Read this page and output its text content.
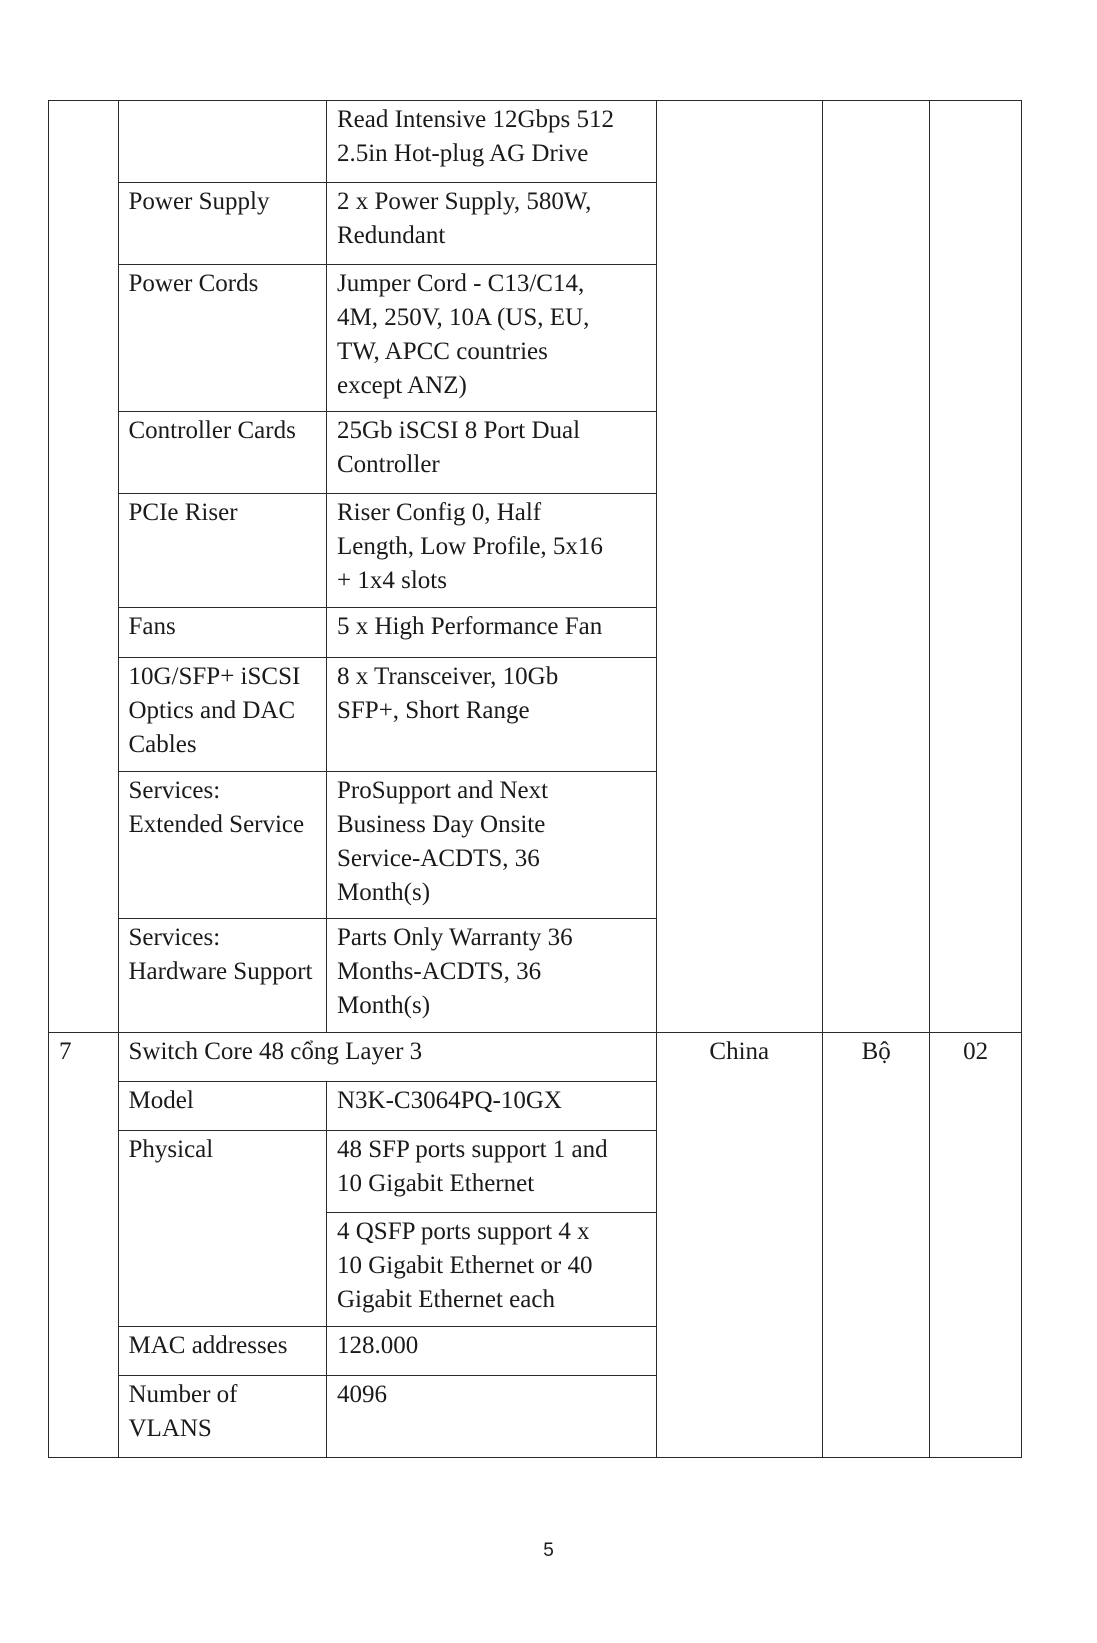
		Read Intensive 12Gbps 512
2.5in Hot-plug AG Drive			

	Power Supply	2 x Power Supply, 580W,
Redundant			

	Power Cords	Jumper Cord - C13/C14,
4M, 250V, 10A (US, EU,
TW, APCC countries
except ANZ)			

	Controller Cards	25Gb iSCSI 8 Port Dual
Controller			

	PCIe Riser	Riser Config 0, Half
Length, Low Profile, 5x16
+ 1x4 slots			

	Fans	5 x High Performance Fan			

	10G/SFP+ iSCSI Optics and DAC Cables	8 x Transceiver, 10Gb
SFP+, Short Range			

	Services: Extended Service	ProSupport and Next
Business Day Onsite
Service-ACDTS, 36
Month(s)			

	Services: Hardware Support	Parts Only Warranty 36
Months-ACDTS, 36
Month(s)			

7	Switch Core 48 cổng Layer 3		China	Bộ	02
	Model	N3K-C3064PQ-10GX			

	Physical	48 SFP ports support 1 and
10 Gigabit Ethernet			

		4 QSFP ports support 4 x
10 Gigabit Ethernet or 40
Gigabit Ethernet each			

	MAC addresses	128.000			

	Number of VLANS	4096			
5
